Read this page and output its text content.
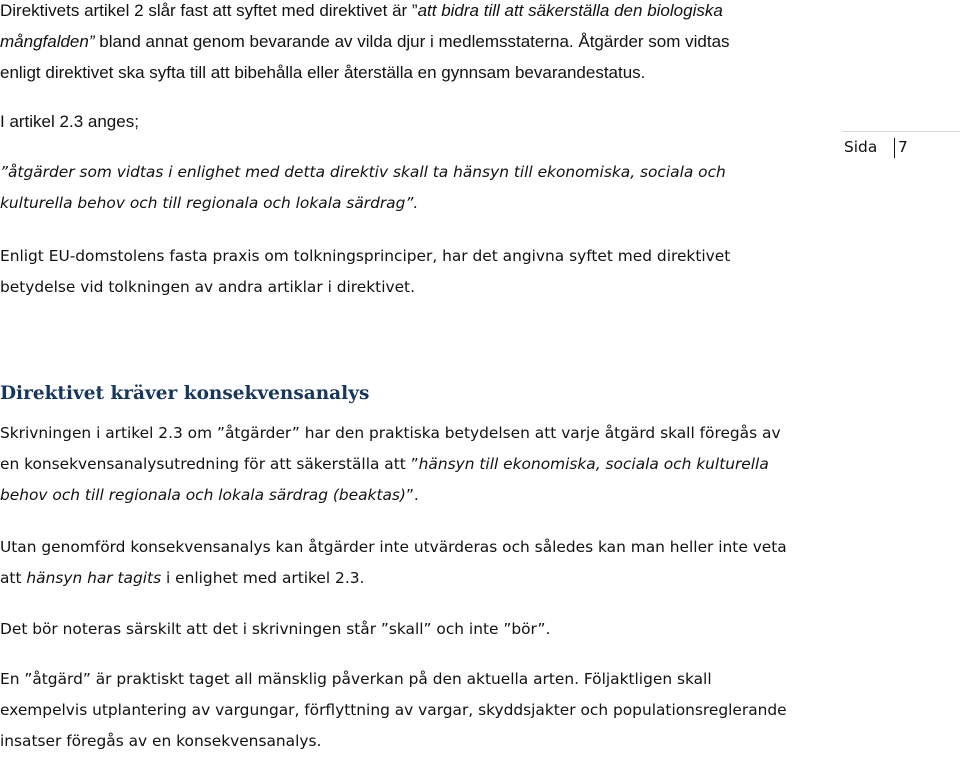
Sida 7

Direktivets artikel 2 slår fast att syftet med direktivet är ”att bidra till att säkerställa den biologiska
mångfalden” bland annat genom bevarande av vilda djur i medlemsstaterna. Åtgärder som vidtas
enligt direktivet ska syfta till att bibehålla eller återställa en gynnsam bevarandestatus.

I artikel 2.3 anges;

”åtgärder som vidtas i enlighet med detta direktiv skall ta hänsyn till ekonomiska, sociala och
kulturella behov och till regionala och lokala särdrag”.

Enligt EU-domstolens fasta praxis om tolkningsprinciper, har det angivna syftet med direktivet
betydelse vid tolkningen av andra artiklar i direktivet.

Direktivet kräver konsekvensanalys

Skrivningen i artikel 2.3 om ”åtgärder” har den praktiska betydelsen att varje åtgärd skall föregås av
en konsekvensanalysutredning för att säkerställa att ”hänsyn till ekonomiska, sociala och kulturella
behov och till regionala och lokala särdrag (beaktas)”.

Utan genomförd konsekvensanalys kan åtgärder inte utvärderas och således kan man heller inte veta
att hänsyn har tagits i enlighet med artikel 2.3.

Det bör noteras särskilt att det i skrivningen står ”skall” och inte ”bör”.

En ”åtgärd” är praktiskt taget all mänsklig påverkan på den aktuella arten. Följaktligen skall
exempelvis utplantering av vargungar, förflyttning av vargar, skyddsjakter och populationsreglerande
insatser föregås av en konsekvensanalys.
